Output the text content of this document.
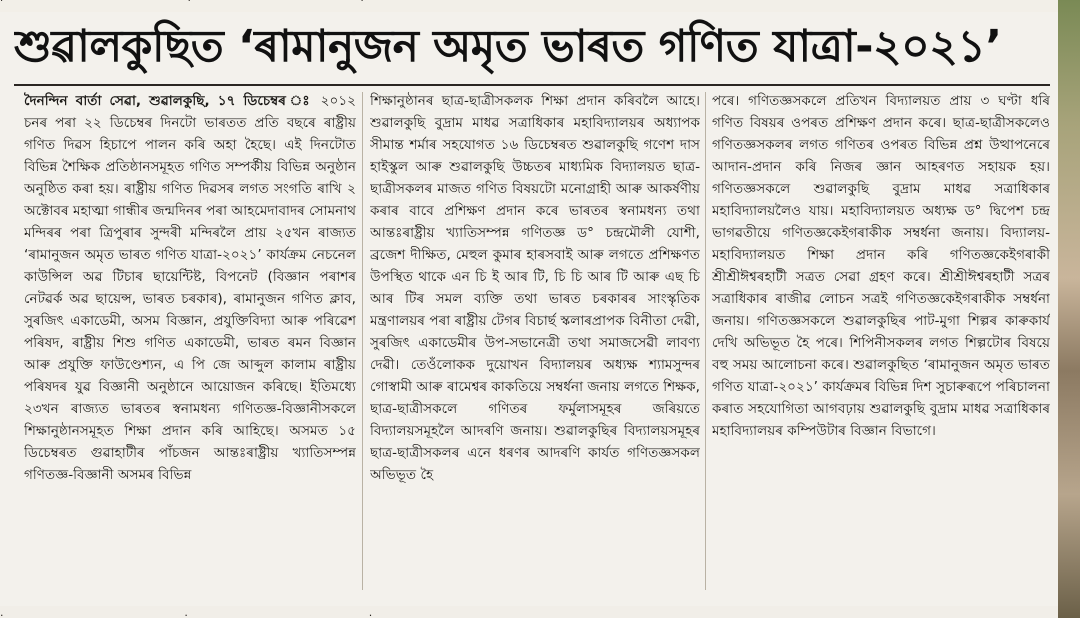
·                                                  ·                                              ·
শুৱালকুছিত ‘ৰামানুজন অমৃত ভাৰত গণিত যাত্ৰা-২০২১’

দৈনন্দিন বাৰ্তা সেৱা, শুৱালকুছি, ১৭ ডিচেম্বৰ ঃ ২০১২ চনৰ পৰা ২২ ডিচেম্বৰ দিনটো ভাৰতত প্ৰতি বছৰে ৰাষ্ট্ৰীয় গণিত দিৱস হিচাপে পালন কৰি অহা হৈছে। এই দিনটোত বিভিন্ন শৈক্ষিক প্ৰতিষ্ঠানসমূহত গণিত সম্পৰ্কীয় বিভিন্ন অনুষ্ঠান অনুষ্ঠিত কৰা হয়। ৰাষ্ট্ৰীয় গণিত দিৱসৰ লগত সংগতি ৰাখি ২ অক্টোবৰ মহাত্মা গান্ধীৰ জন্মদিনৰ পৰা আহমেদাবাদৰ সোমনাথ মন্দিৰৰ পৰা ত্ৰিপুৰাৰ সুন্দৰী মন্দিৰলৈ প্ৰায় ২৫খন ৰাজ্যত ‘ৰামানুজন অমৃত ভাৰত গণিত যাত্ৰা-২০২১’ কাৰ্যক্ৰম নেচনেল কাউন্সিল অৱ টিচাৰ ছায়েন্টিষ্ট, বিপনেট (বিজ্ঞান পৰাশৰ নেটৱৰ্ক অৱ ছায়েন্স, ভাৰত চৰকাৰ), ৰামানুজন গণিত ক্লাব, সুৰজিৎ একাডেমী, অসম বিজ্ঞান, প্ৰযুক্তিবিদ্যা আৰু পৰিৱেশ পৰিষদ, ৰাষ্ট্ৰীয় শিশু গণিত একাডেমী, ভাৰত ৰমন বিজ্ঞান আৰু প্ৰযুক্তি ফাউণ্ডেশ্যন, এ পি জে আব্দুল কালাম ৰাষ্ট্ৰীয় পৰিষদৰ যুৱ বিজ্ঞানী অনুষ্ঠানে আয়োজন কৰিছে। ইতিমধ্যে ২৩খন ৰাজ্যত ভাৰতৰ স্বনামধন্য গণিতজ্ঞ-বিজ্ঞানীসকলে শিক্ষানুষ্ঠানসমূহত শিক্ষা প্ৰদান কৰি আহিছে। অসমত ১৫ ডিচেম্বৰত গুৱাহাটীৰ পাঁচজন আন্তঃৰাষ্ট্ৰীয় খ্যাতিসম্পন্ন গণিতজ্ঞ-বিজ্ঞানী অসমৰ বিভিন্ন

শিক্ষানুষ্ঠানৰ ছাত্ৰ-ছাত্ৰীসকলক শিক্ষা প্ৰদান কৰিবলৈ আহে। শুৱালকুছি বুদ্ৰাম মাধৱ সত্ৰাধিকাৰ মহাবিদ্যালয়ৰ অধ্যাপক সীমান্ত শৰ্মাৰ সহযোগত ১৬ ডিচেম্বৰত শুৱালকুছি গণেশ দাস হাইস্কুল আৰু শুৱালকুছি উচ্চতৰ মাধ্যমিক বিদ্যালয়ত ছাত্ৰ-ছাত্ৰীসকলৰ মাজত গণিত বিষয়টো মনোগ্ৰাহী আৰু আকৰ্ষণীয় কৰাৰ বাবে প্ৰশিক্ষণ প্ৰদান কৰে ভাৰতৰ স্বনামধন্য তথা আন্তঃৰাষ্ট্ৰীয় খ্যাতিসম্পন্ন গণিতজ্ঞ ড° চন্দ্ৰমৌলী যোশী, ব্ৰজেশ দীক্ষিত, মেহুল কুমাৰ হাৰসবাই আৰু লগতে প্ৰশিক্ষণত উপস্থিত থাকে এন চি ই আৰ টি, চি চি আৰ টি আৰু এছ চি আৰ টিৰ সমল ব্যক্তি তথা ভাৰত চৰকাৰৰ সাংস্কৃতিক মন্ত্ৰণালয়ৰ পৰা ৰাষ্ট্ৰীয় টেগৰ বিচাৰ্ছ স্কলাৰপ্ৰাপক বিনীতা দেৱী, সুৰজিৎ একাডেমীৰ উপ-সভানেত্ৰী তথা সমাজসেৱী লাবণ্য দেৱী। তেওঁলোকক দুয়োখন বিদ্যালয়ৰ অধ্যক্ষ শ্যামসুন্দৰ গোস্বামী আৰু ৰামেশ্বৰ কাকতিয়ে সম্বৰ্ধনা জনায় লগতে শিক্ষক, ছাত্ৰ-ছাত্ৰীসকলে গণিতৰ ফৰ্মুলাসমূহৰ জৰিয়তে বিদ্যালয়সমূহলৈ আদৰণি জনায়। শুৱালকুছিৰ বিদ্যালয়সমূহৰ ছাত্ৰ-ছাত্ৰীসকলৰ এনে ধৰণৰ আদৰণি কাৰ্যত গণিতজ্ঞসকল অভিভূত হৈ

পৰে। গণিতজ্ঞসকলে প্ৰতিখন বিদ্যালয়ত প্ৰায় ৩ ঘণ্টা ধৰি গণিত বিষয়ৰ ওপৰত প্ৰশিক্ষণ প্ৰদান কৰে। ছাত্ৰ-ছাত্ৰীসকলেও গণিতজ্ঞসকলৰ লগত গণিতৰ ওপৰত বিভিন্ন প্ৰশ্ন উত্থাপনেৰে আদান-প্ৰদান কৰি নিজৰ জ্ঞান আহৰণত সহায়ক হয়। গণিতজ্ঞসকলে শুৱালকুছি বুদ্ৰাম মাধৱ সত্ৰাধিকাৰ মহাবিদ্যালয়লৈও যায়। মহাবিদ্যালয়ত অধ্যক্ষ ড° দ্বিপেশ চন্দ্ৰ ভাগৱতীয়ে গণিতজ্ঞকেইগৰাকীক সম্বৰ্ধনা জনায়। বিদ্যালয়-মহাবিদ্যালয়ত শিক্ষা প্ৰদান কৰি গণিতজ্ঞকেইগৰাকী শ্ৰীশ্ৰীঈশ্বৰহাটী সত্ৰত সেৱা গ্ৰহণ কৰে। শ্ৰীশ্ৰীঈশ্বৰহাটী সত্ৰৰ সত্ৰাধিকাৰ ৰাজীৱ লোচন সত্ৰই গণিতজ্ঞকেইগৰাকীক সম্বৰ্ধনা জনায়। গণিতজ্ঞসকলে শুৱালকুছিৰ পাট-মুগা শিল্পৰ কাৰুকাৰ্য দেখি অভিভূত হৈ পৰে। শিপিনীসকলৰ লগত শিল্পটোৰ বিষয়ে বহু সময় আলোচনা কৰে। শুৱালকুছিত ‘ৰামানুজন অমৃত ভাৰত গণিত যাত্ৰা-২০২১’ কাৰ্যক্ৰমৰ বিভিন্ন দিশ সুচাৰুৰূপে পৰিচালনা কৰাত সহযোগিতা আগবঢ়ায় শুৱালকুছি বুদ্ৰাম মাধৱ সত্ৰাধিকাৰ মহাবিদ্যালয়ৰ কম্পিউটাৰ বিজ্ঞান বিভাগে।

·                                        ·                                        ·
